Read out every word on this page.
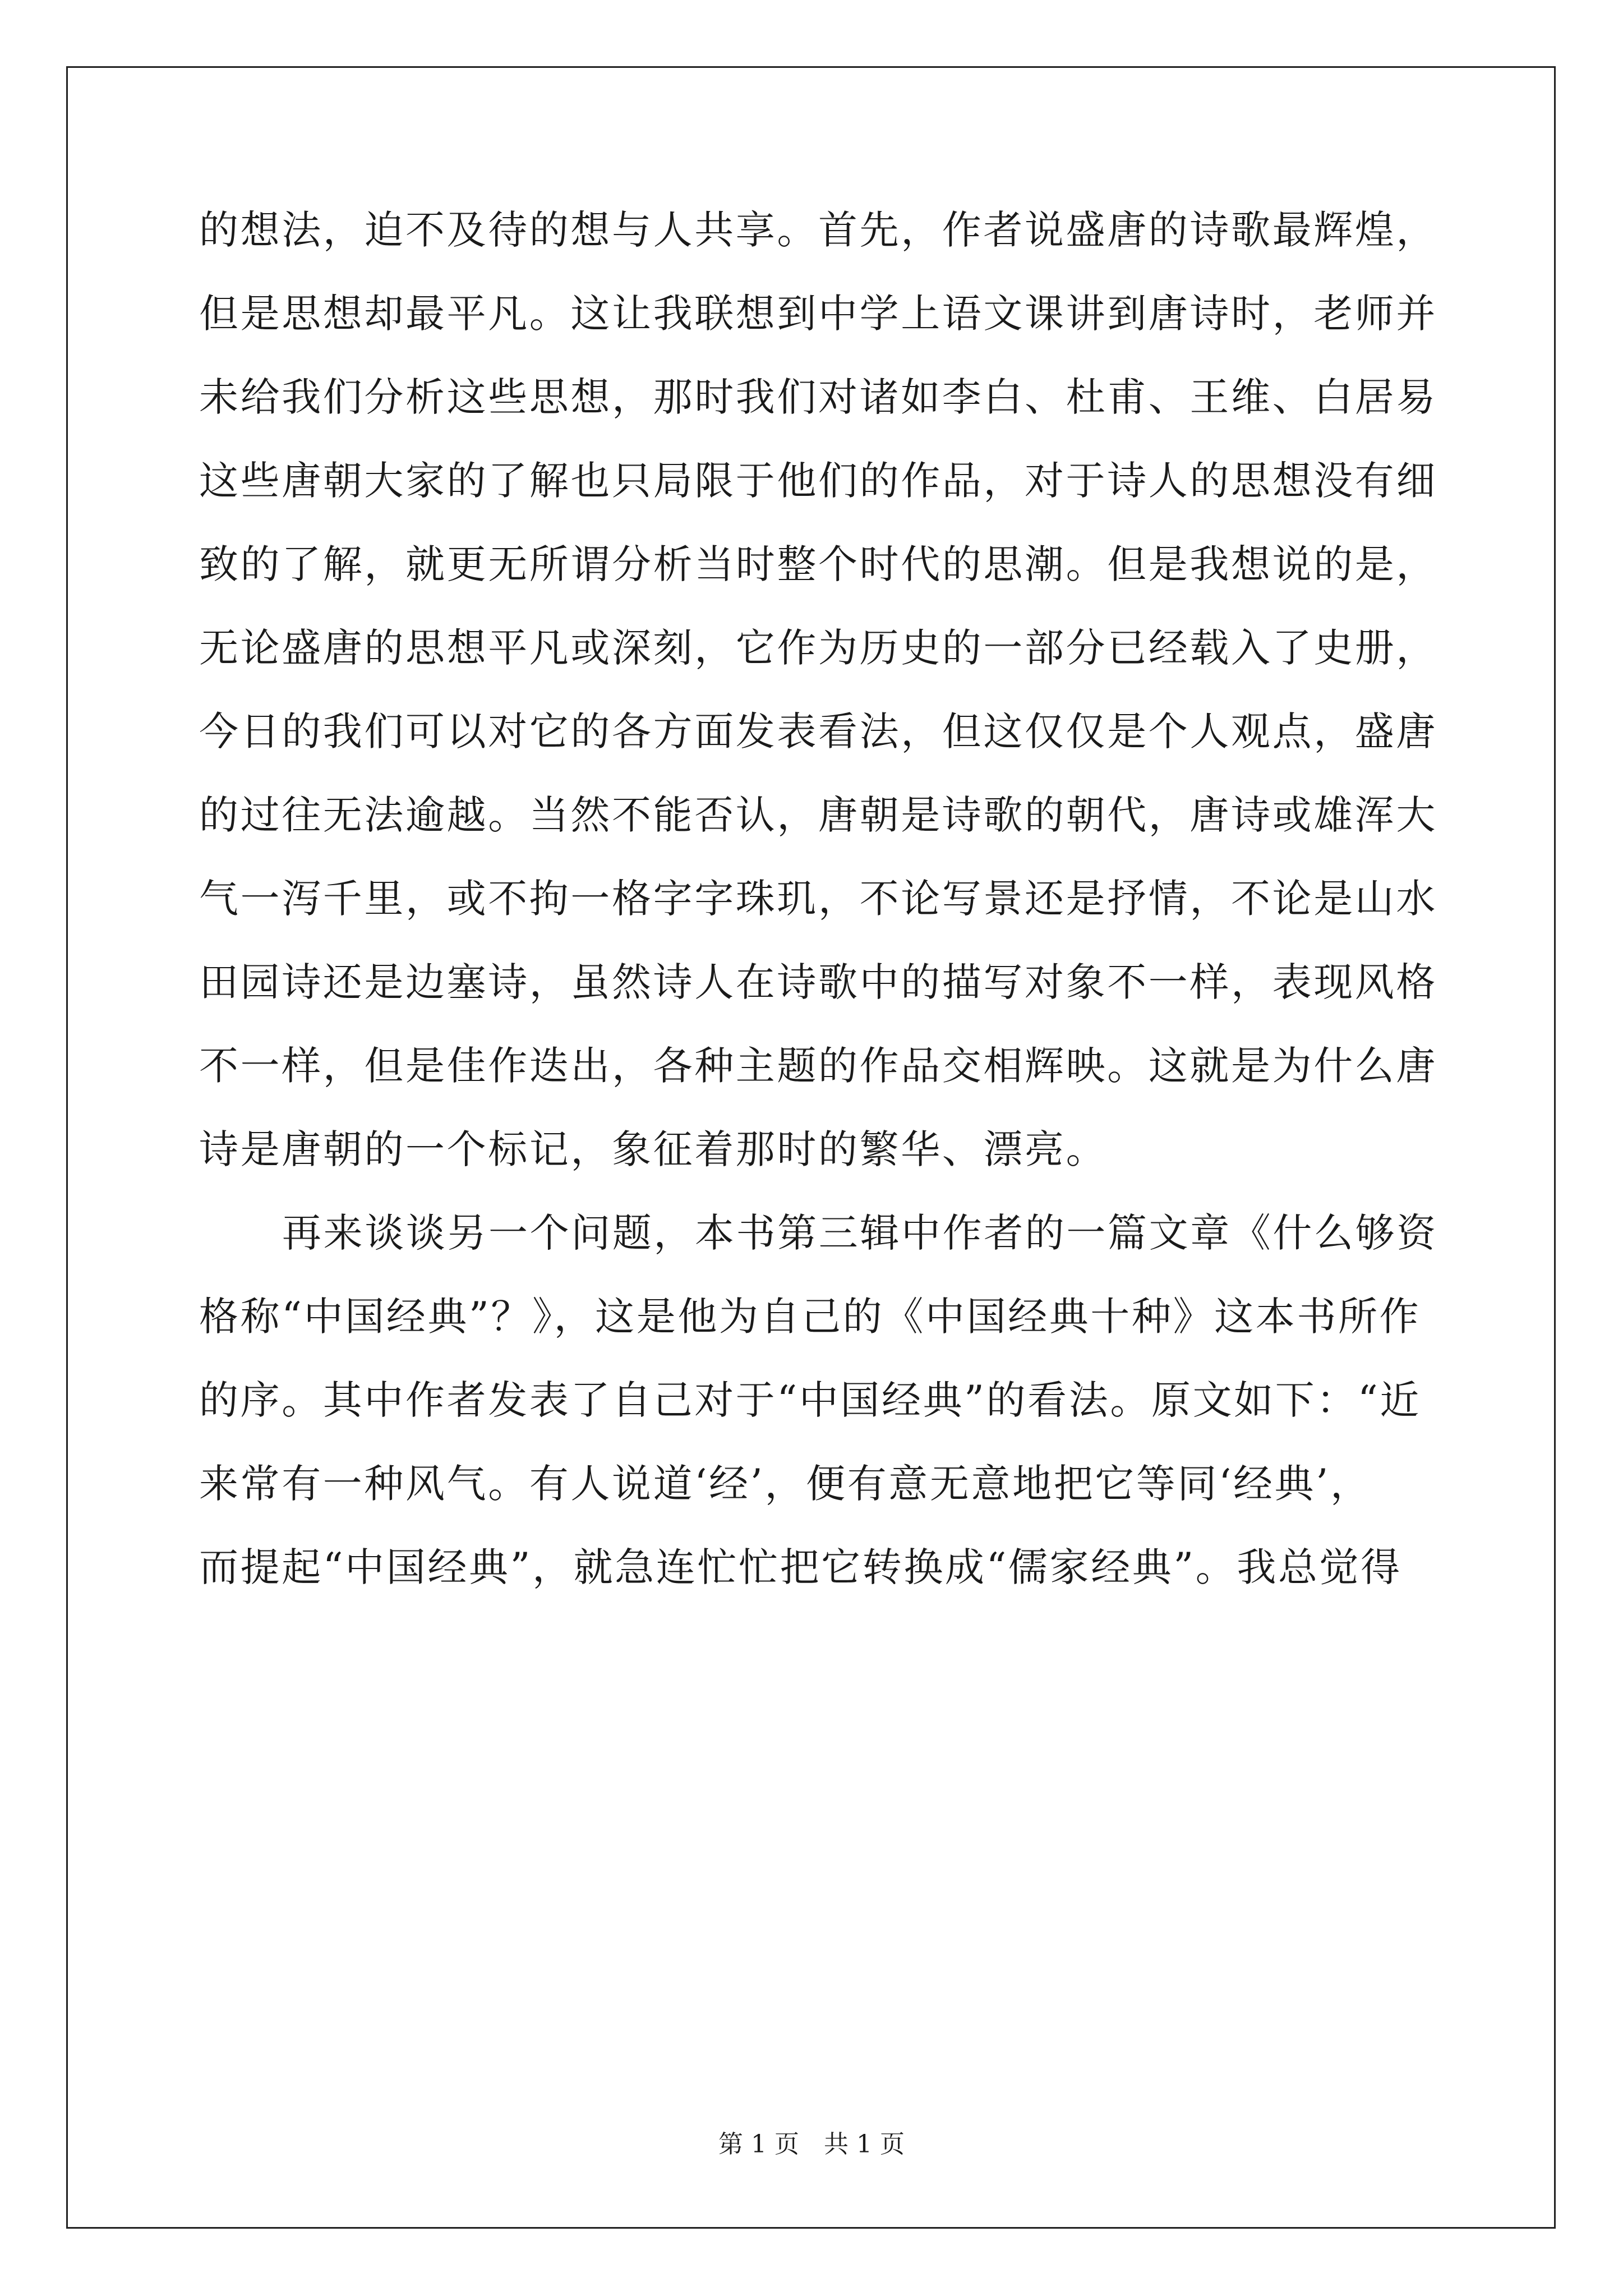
的想法，迫不及待的想与人共享。首先，作者说盛唐的诗歌最辉煌，
但是思想却最平凡。这让我联想到中学上语文课讲到唐诗时，老师并
未给我们分析这些思想，那时我们对诸如李白、杜甫、王维、白居易
这些唐朝大家的了解也只局限于他们的作品，对于诗人的思想没有细
致的了解，就更无所谓分析当时整个时代的思潮。但是我想说的是，
无论盛唐的思想平凡或深刻，它作为历史的一部分已经载入了史册，
今日的我们可以对它的各方面发表看法，但这仅仅是个人观点，盛唐
的过往无法逾越。当然不能否认，唐朝是诗歌的朝代，唐诗或雄浑大
气一泻千里，或不拘一格字字珠玑，不论写景还是抒情，不论是山水
田园诗还是边塞诗，虽然诗人在诗歌中的描写对象不一样，表现风格
不一样，但是佳作迭出，各种主题的作品交相辉映。这就是为什么唐
诗是唐朝的一个标记，象征着那时的繁华、漂亮。
再来谈谈另一个问题，本书第三辑中作者的一篇文章《什么够资
格称“中国经典”？》，这是他为自己的《中国经典十种》这本书所作
的序。其中作者发表了自己对于“中国经典”的看法。原文如下：“近
来常有一种风气。有人说道‘经’，便有意无意地把它等同‘经典’，
而提起“中国经典”，就急连忙忙把它转换成“儒家经典”。我总觉得
第 1 页　共 1 页
